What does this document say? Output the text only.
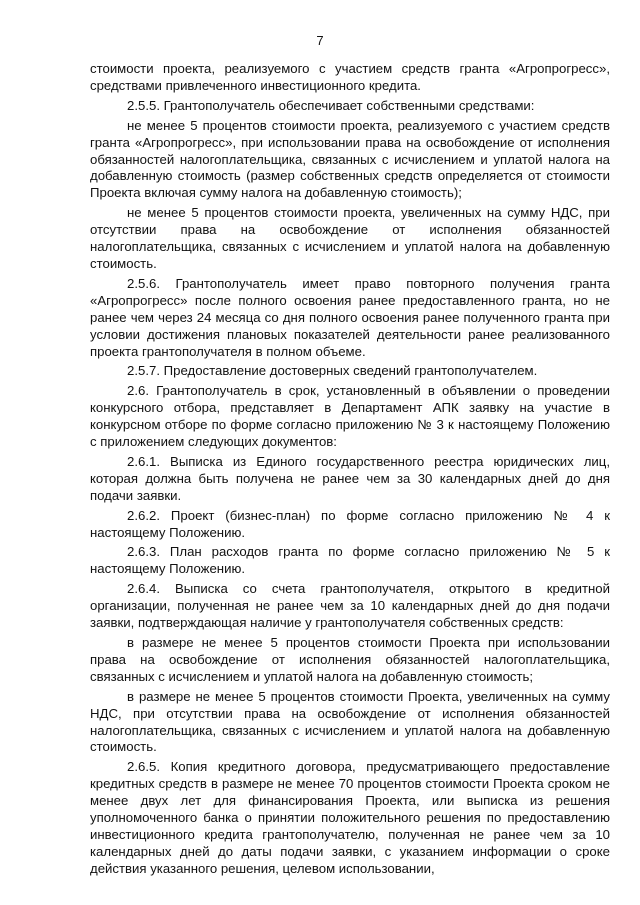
7

стоимости проекта, реализуемого с участием средств гранта «Агропрогресс», средствами привлеченного инвестиционного кредита.

2.5.5. Грантополучатель обеспечивает собственными средствами:

не менее 5 процентов стоимости проекта, реализуемого с участием средств гранта «Агропрогресс», при использовании права на освобождение от исполнения обязанностей налогоплательщика, связанных с исчислением и уплатой налога на добавленную стоимость (размер собственных средств определяется от стоимости Проекта включая сумму налога на добавленную стоимость);

не менее 5 процентов стоимости проекта, увеличенных на сумму НДС, при отсутствии права на освобождение от исполнения обязанностей налогоплательщика, связанных с исчислением и уплатой налога на добавленную стоимость.

2.5.6. Грантополучатель имеет право повторного получения гранта «Агропрогресс» после полного освоения ранее предоставленного гранта, но не ранее чем через 24 месяца со дня полного освоения ранее полученного гранта при условии достижения плановых показателей деятельности ранее реализованного проекта грантополучателя в полном объеме.

2.5.7. Предоставление достоверных сведений грантополучателем.

2.6. Грантополучатель в срок, установленный в объявлении о проведении конкурсного отбора, представляет в Департамент АПК заявку на участие в конкурсном отборе по форме согласно приложению № 3 к настоящему Положению с приложением следующих документов:

2.6.1. Выписка из Единого государственного реестра юридических лиц, которая должна быть получена не ранее чем за 30 календарных дней до дня подачи заявки.

2.6.2. Проект (бизнес-план) по форме согласно приложению № 4 к настоящему Положению.

2.6.3. План расходов гранта по форме согласно приложению № 5 к настоящему Положению.

2.6.4. Выписка со счета грантополучателя, открытого в кредитной организации, полученная не ранее чем за 10 календарных дней до дня подачи заявки, подтверждающая наличие у грантополучателя собственных средств:

в размере не менее 5 процентов стоимости Проекта при использовании права на освобождение от исполнения обязанностей налогоплательщика, связанных с исчислением и уплатой налога на добавленную стоимость;

в размере не менее 5 процентов стоимости Проекта, увеличенных на сумму НДС, при отсутствии права на освобождение от исполнения обязанностей налогоплательщика, связанных с исчислением и уплатой налога на добавленную стоимость.

2.6.5. Копия кредитного договора, предусматривающего предоставление кредитных средств в размере не менее 70 процентов стоимости Проекта сроком не менее двух лет для финансирования Проекта, или выписка из решения уполномоченного банка о принятии положительного решения по предоставлению инвестиционного кредита грантополучателю, полученная не ранее чем за 10 календарных дней до даты подачи заявки, с указанием информации о сроке действия указанного решения, целевом использовании,
